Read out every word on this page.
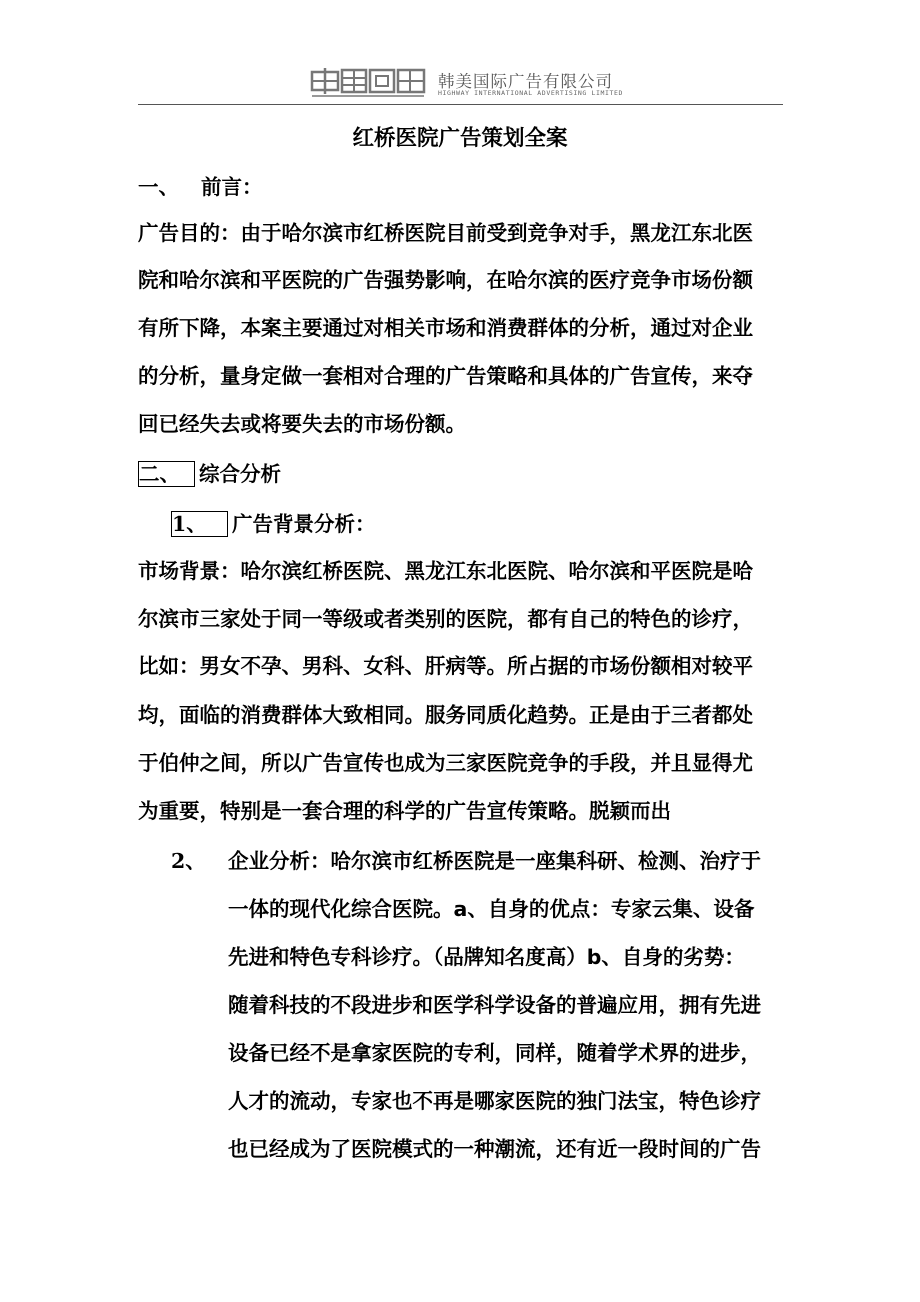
韩美国际广告有限公司
HIGHWAY INTERNATIONAL ADVERTISING LIMITED
红桥医院广告策划全案
一、 前言：
广告目的：由于哈尔滨市红桥医院目前受到竞争对手，黑龙江东北医
院和哈尔滨和平医院的广告强势影响，在哈尔滨的医疗竞争市场份额
有所下降，本案主要通过对相关市场和消费群体的分析，通过对企业
的分析，量身定做一套相对合理的广告策略和具体的广告宣传，来夺
回已经失去或将要失去的市场份额。
二、 综合分析
1、 广告背景分析：
市场背景：哈尔滨红桥医院、黑龙江东北医院、哈尔滨和平医院是哈
尔滨市三家处于同一等级或者类别的医院，都有自己的特色的诊疗，
比如：男女不孕、男科、女科、肝病等。所占据的市场份额相对较平
均，面临的消费群体大致相同。服务同质化趋势。正是由于三者都处
于伯仲之间，所以广告宣传也成为三家医院竞争的手段，并且显得尤
为重要，特别是一套合理的科学的广告宣传策略。脱颖而出
2、 企业分析：哈尔滨市红桥医院是一座集科研、检测、治疗于
一体的现代化综合医院。a、自身的优点：专家云集、设备
先进和特色专科诊疗。（品牌知名度高）b、自身的劣势：
随着科技的不段进步和医学科学设备的普遍应用，拥有先进
设备已经不是拿家医院的专利，同样，随着学术界的进步，
人才的流动，专家也不再是哪家医院的独门法宝，特色诊疗
也已经成为了医院模式的一种潮流，还有近一段时间的广告
